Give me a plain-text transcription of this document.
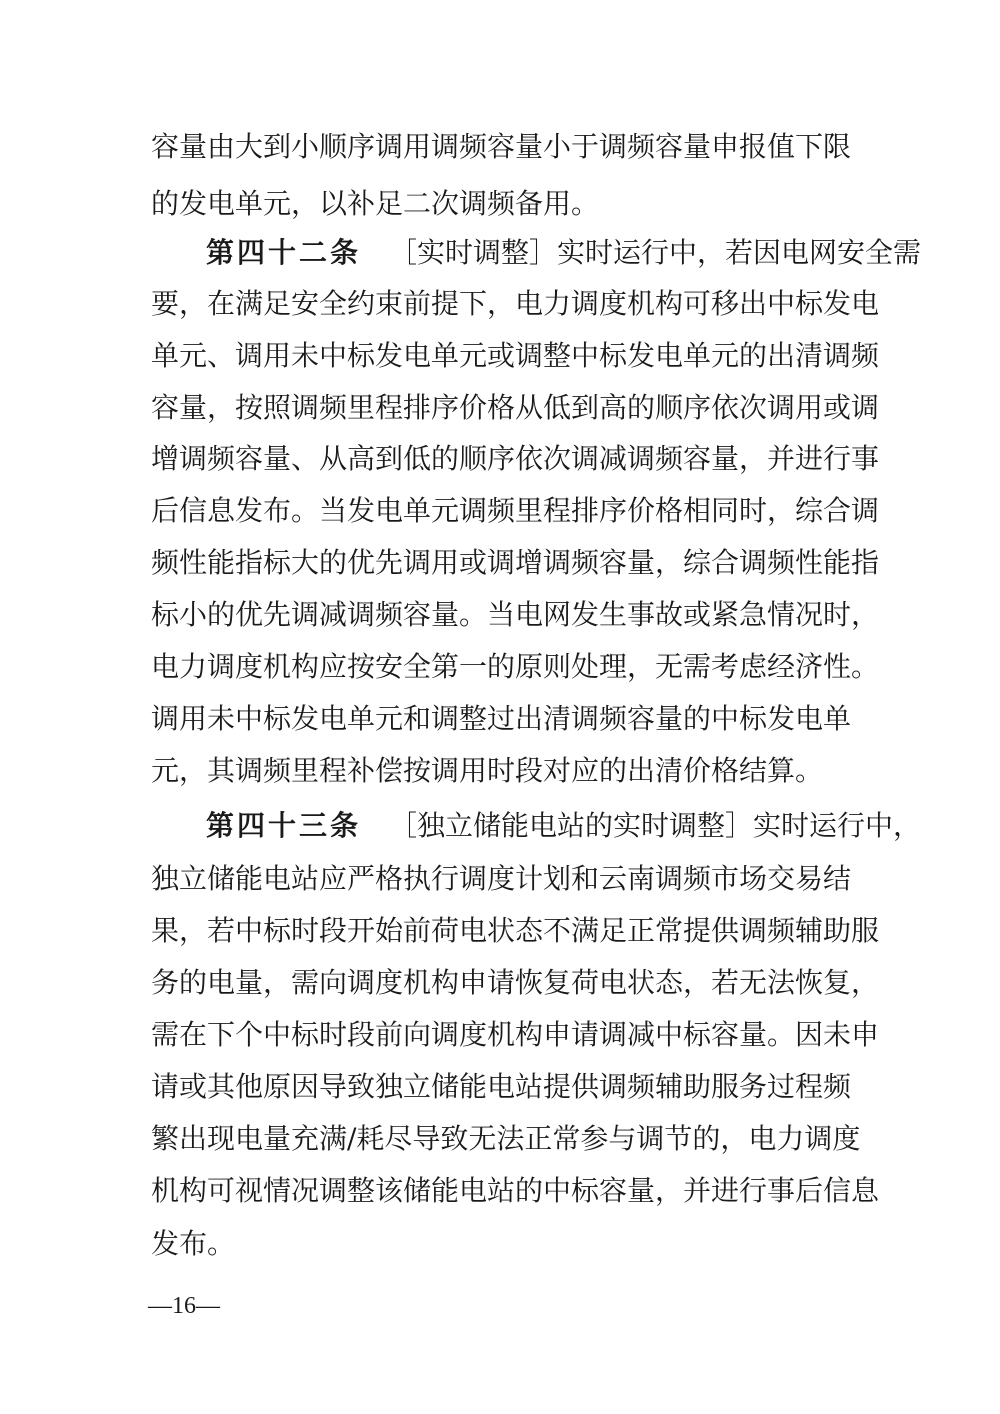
容量由大到小顺序调用调频容量小于调频容量申报值下限
的发电单元，以补足二次调频备用。
第四十二条 ［实时调整］实时运行中，若因电网安全需
要，在满足安全约束前提下，电力调度机构可移出中标发电
单元、调用未中标发电单元或调整中标发电单元的出清调频
容量，按照调频里程排序价格从低到高的顺序依次调用或调
增调频容量、从高到低的顺序依次调减调频容量，并进行事
后信息发布。当发电单元调频里程排序价格相同时，综合调
频性能指标大的优先调用或调增调频容量，综合调频性能指
标小的优先调减调频容量。当电网发生事故或紧急情况时，
电力调度机构应按安全第一的原则处理，无需考虑经济性。
调用未中标发电单元和调整过出清调频容量的中标发电单
元，其调频里程补偿按调用时段对应的出清价格结算。
第四十三条 ［独立储能电站的实时调整］实时运行中，
独立储能电站应严格执行调度计划和云南调频市场交易结
果，若中标时段开始前荷电状态不满足正常提供调频辅助服
务的电量，需向调度机构申请恢复荷电状态，若无法恢复，
需在下个中标时段前向调度机构申请调减中标容量。因未申
请或其他原因导致独立储能电站提供调频辅助服务过程频
繁出现电量充满/耗尽导致无法正常参与调节的，电力调度
机构可视情况调整该储能电站的中标容量，并进行事后信息
发布。
—16—
